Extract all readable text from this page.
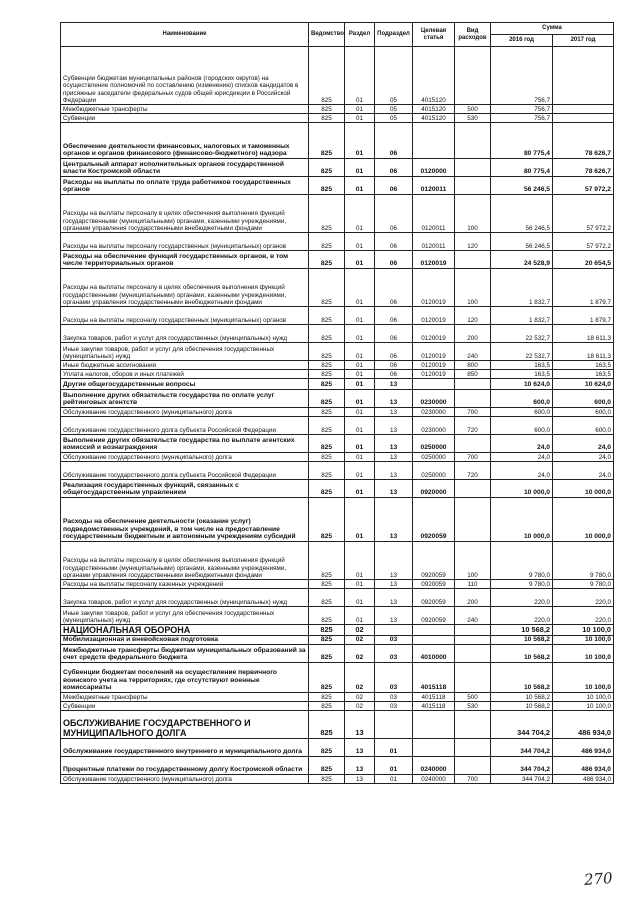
Наименование	Ведомство	Раздел	Подраздел	Целевая статья	Вид расходов	Сумма	
						2016 год	2017 год
Субвенции бюджетам муниципальных районов (городских округов) на осуществление полномочий по составлению (изменению) списков кандидатов в присяжные заседатели федеральных судов общей юрисдикции в Российской Федерации	825	01	05	4015120		756,7	
Межбюджетные трансферты	825	01	05	4015120	500	756,7	
Субвенции	825	01	05	4015120	530	756,7	
Обеспечение деятельности финансовых, налоговых и таможенных органов и органов финансового (финансово-бюджетного) надзора	825	01	06			80 775,4	78 626,7
Центральный аппарат исполнительных органов государственной власти Костромской области	825	01	06	0120000		80 775,4	78 626,7
Расходы на выплаты по оплате труда работников государственных органов	825	01	06	0120011		56 246,5	57 972,2
Расходы на выплаты персоналу в целях обеспечения выполнения функций государственными (муниципальными) органами, казенными учреждениями, органами управления государственными внебюджетными фондами	825	01	06	0120011	100	56 246,5	57 972,2
Расходы на выплаты персоналу государственных (муниципальных) органов	825	01	06	0120011	120	56 246,5	57 972,2
Расходы на обеспечение функций государственных органов, в том числе территориальных органов	825	01	06	0120019		24 528,9	20 654,5
Расходы на выплаты персоналу в целях обеспечения выполнения функций государственными (муниципальными) органами, казенными учреждениями, органами управления государственными внебюджетными фондами	825	01	06	0120019	100	1 832,7	1 879,7
Расходы на выплаты персоналу государственных (муниципальных) органов	825	01	06	0120019	120	1 832,7	1 879,7
Закупка товаров, работ и услуг для государственных (муниципальных) нужд	825	01	06	0120019	200	22 532,7	18 611,3
Иные закупки товаров, работ и услуг для обеспечения государственных (муниципальных) нужд	825	01	06	0120019	240	22 532,7	18 611,3
Иные бюджетные ассигнования	825	01	06	0120019	800	163,5	163,5
Уплата налогов, сборов и иных платежей	825	01	06	0120019	850	163,5	163,5
Другие общегосударственные вопросы	825	01	13			10 624,0	10 624,0
Выполнение других обязательств государства по оплате услуг рейтинговых агентств	825	01	13	0230000		600,0	600,0
Обслуживание государственного (муниципального) долга	825	01	13	0230000	700	600,0	600,0
Обслуживание государственного долга субъекта Российской Федерации	825	01	13	0230000	720	600,0	600,0
Выполнение других обязательств государства по выплате агентских комиссий и вознаграждения	825	01	13	0250000		24,0	24,0
Обслуживание государственного (муниципального) долга	825	01	13	0250000	700	24,0	24,0
Обслуживание государственного долга субъекта Российской Федерации	825	01	13	0250000	720	24,0	24,0
Реализация государственных функций, связанных с общегосударственным управлением	825	01	13	0920000		10 000,0	10 000,0
Расходы на обеспечение деятельности (оказание услуг) подведомственных учреждений, в том числе на предоставление государственным бюджетным и автономным учреждениям субсидий	825	01	13	0920059		10 000,0	10 000,0
Расходы на выплаты персоналу в целях обеспечения выполнения функций государственными (муниципальными) органами, казенными учреждениями, органами управления государственными внебюджетными фондами	825	01	13	0920059	100	9 780,0	9 780,0
Расходы на выплаты персоналу казенных учреждений	825	01	13	0920059	110	9 780,0	9 780,0
Закупка товаров, работ и услуг для государственных (муниципальных) нужд	825	01	13	0920059	200	220,0	220,0
Иные закупки товаров, работ и услуг для обеспечения государственных (муниципальных) нужд	825	01	13	0920059	240	220,0	220,0
НАЦИОНАЛЬНАЯ ОБОРОНА	825	02				10 568,2	10 100,0
Мобилизационная и вневойсковая подготовка	825	02	03			10 568,2	10 100,0
Межбюджетные трансферты бюджетам муниципальных образований за счет средств федерального бюджета	825	02	03	4010000		10 568,2	10 100,0
Субвенции бюджетам поселений на осуществление первичного воинского учета на территориях, где отсутствуют военные комиссариаты	825	02	03	4015118		10 568,2	10 100,0
Межбюджетные трансферты	825	02	03	4015118	500	10 568,2	10 100,0
Субвенции	825	02	03	4015118	530	10 568,2	10 100,0
ОБСЛУЖИВАНИЕ ГОСУДАРСТВЕННОГО И МУНИЦИПАЛЬНОГО ДОЛГА	825	13				344 704,2	486 934,0
Обслуживание государственного внутреннего и муниципального долга	825	13	01			344 704,2	486 934,0
Процентные платежи по государственному долгу Костромской области	825	13	01	0240000		344 704,2	486 934,0
Обслуживание государственного (муниципального) долга	825	13	01	0240000	700	344 704,2	486 934,0
270
